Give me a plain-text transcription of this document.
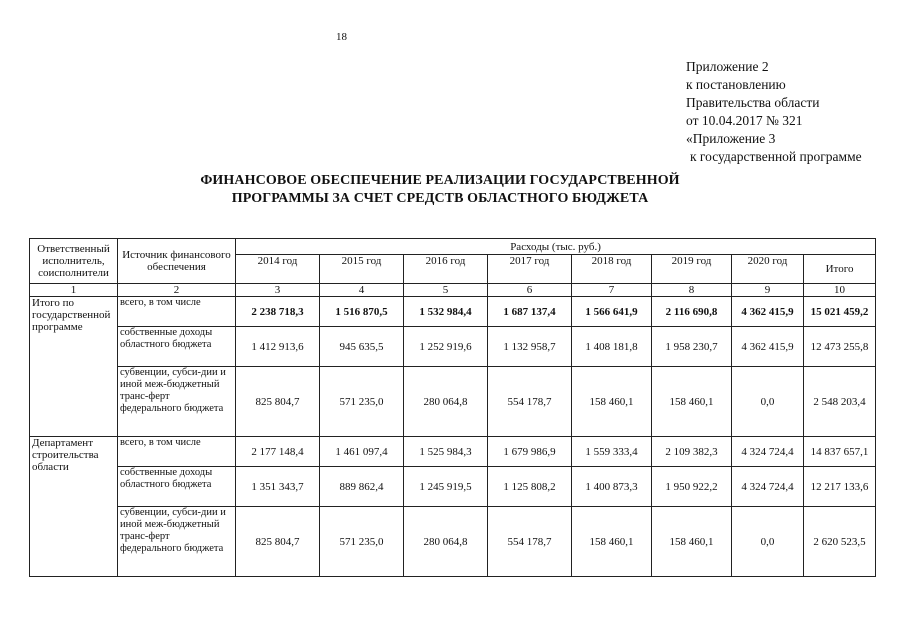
18
Приложение 2
к постановлению
Правительства области
от 10.04.2017 № 321
«Приложение 3
к государственной программе
ФИНАНСОВОЕ ОБЕСПЕЧЕНИЕ РЕАЛИЗАЦИИ ГОСУДАРСТВЕННОЙ
ПРОГРАММЫ ЗА СЧЕТ СРЕДСТВ ОБЛАСТНОГО БЮДЖЕТА
Ответственный исполнитель, соисполнители	Источник финансового обеспечения	Расходы (тыс. руб.)							
		2014 год	2015 год	2016 год	2017 год	2018 год	2019 год	2020 год	Итого
1	2	3	4	5	6	7	8	9	10
Итого по государственной программе	всего, в том числе	2 238 718,3	1 516 870,5	1 532 984,4	1 687 137,4	1 566 641,9	2 116 690,8	4 362 415,9	15 021 459,2
	собственные доходы областного бюджета	1 412 913,6	945 635,5	1 252 919,6	1 132 958,7	1 408 181,8	1 958 230,7	4 362 415,9	12 473 255,8
	субвенции, субси-дии и иной меж-бюджетный транс-ферт федерального бюджета	825 804,7	571 235,0	280 064,8	554 178,7	158 460,1	158 460,1	0,0	2 548 203,4
Департамент строительства области	всего, в том числе	2 177 148,4	1 461 097,4	1 525 984,3	1 679 986,9	1 559 333,4	2 109 382,3	4 324 724,4	14 837 657,1
	собственные доходы областного бюджета	1 351 343,7	889 862,4	1 245 919,5	1 125 808,2	1 400 873,3	1 950 922,2	4 324 724,4	12 217 133,6
	субвенции, субси-дии и иной меж-бюджетный транс-ферт федерального бюджета	825 804,7	571 235,0	280 064,8	554 178,7	158 460,1	158 460,1	0,0	2 620 523,5
